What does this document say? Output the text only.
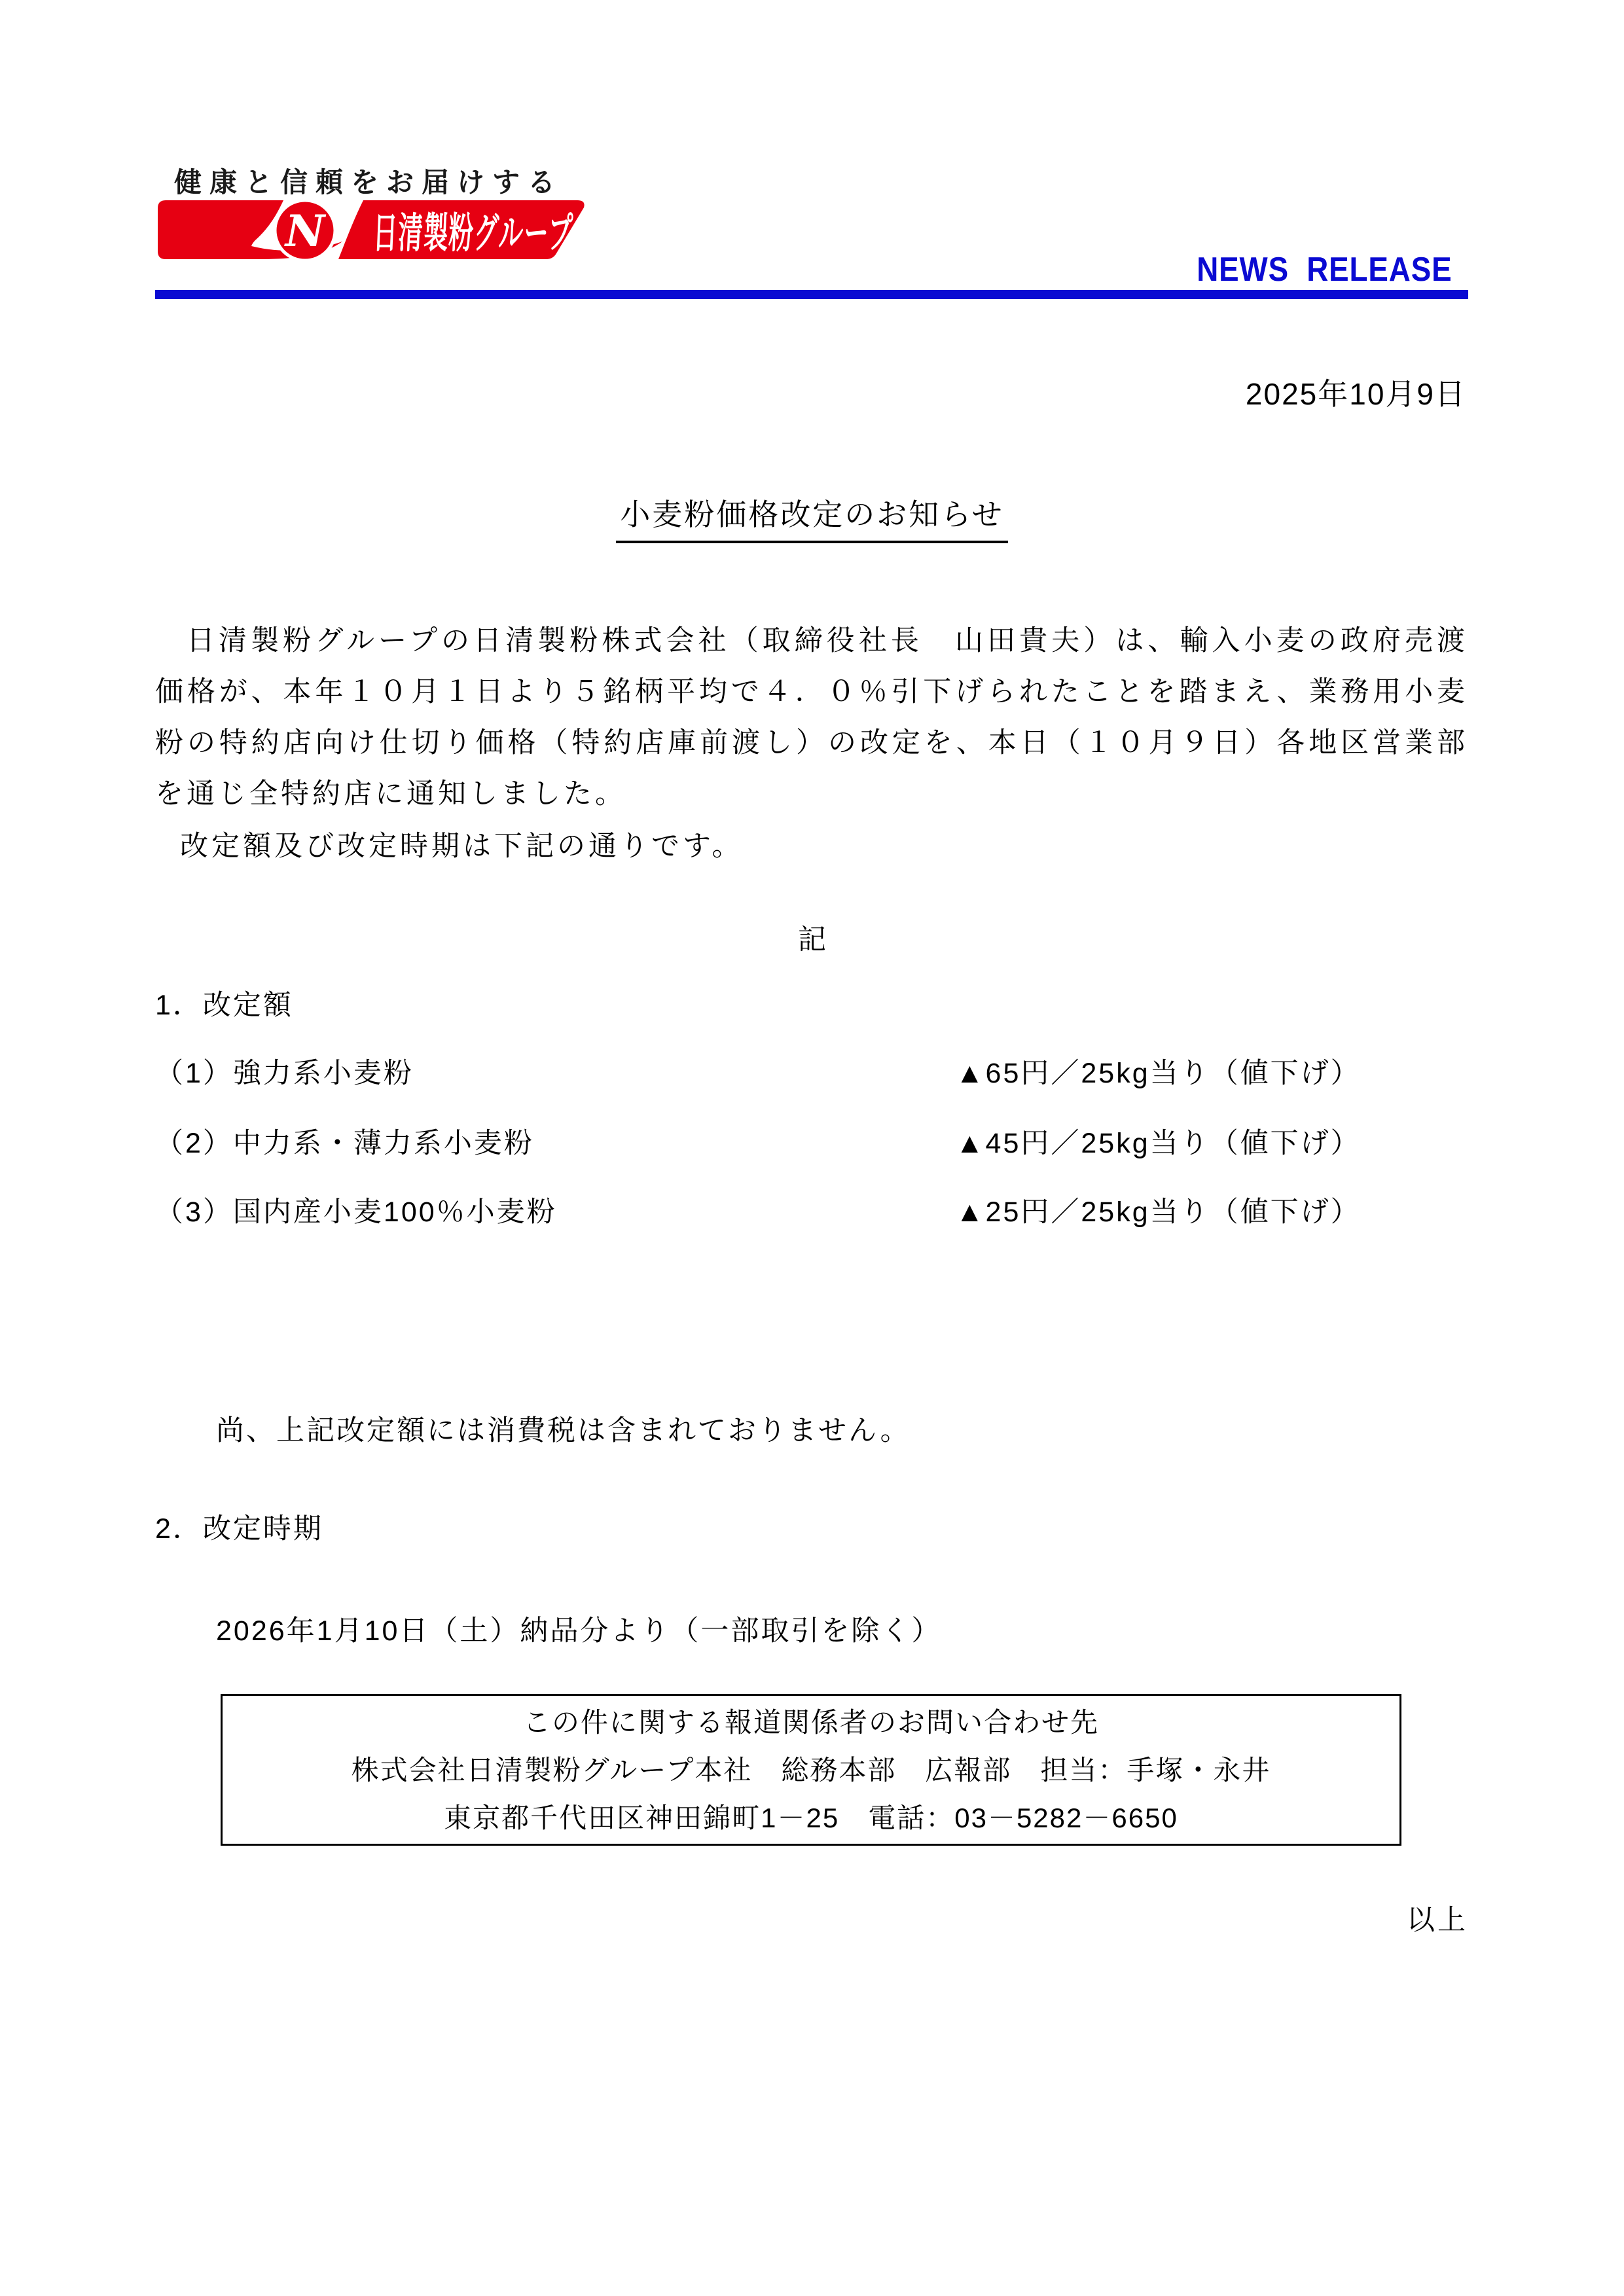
健康と信頼をお届けする
N 日清製粉グループ
NEWS  RELEASE
2025年10月9日
小麦粉価格改定のお知らせ

日清製粉グループの日清製粉株式会社（取締役社長　山田貴夫）は、輸入小麦の政府売渡価格が、本年１０月１日より５銘柄平均で４．０％引下げられたことを踏まえ、業務用小麦粉の特約店向け仕切り価格（特約店庫前渡し）の改定を、本日（１０月９日）各地区営業部を通じ全特約店に通知しました。

改定額及び改定時期は下記の通りです。

記
1．改定額
（1）強力系小麦粉	▲65円／25kg当り（値下げ）
（2）中力系・薄力系小麦粉	▲45円／25kg当り（値下げ）
（3）国内産小麦100％小麦粉	▲25円／25kg当り（値下げ）
尚、上記改定額には消費税は含まれておりません。
2．改定時期
2026年1月10日（土）納品分より（一部取引を除く）
この件に関する報道関係者のお問い合わせ先
株式会社日清製粉グループ本社　総務本部　広報部　担当：手塚・永井
東京都千代田区神田錦町1－25　電話：03－5282－6650
以上
